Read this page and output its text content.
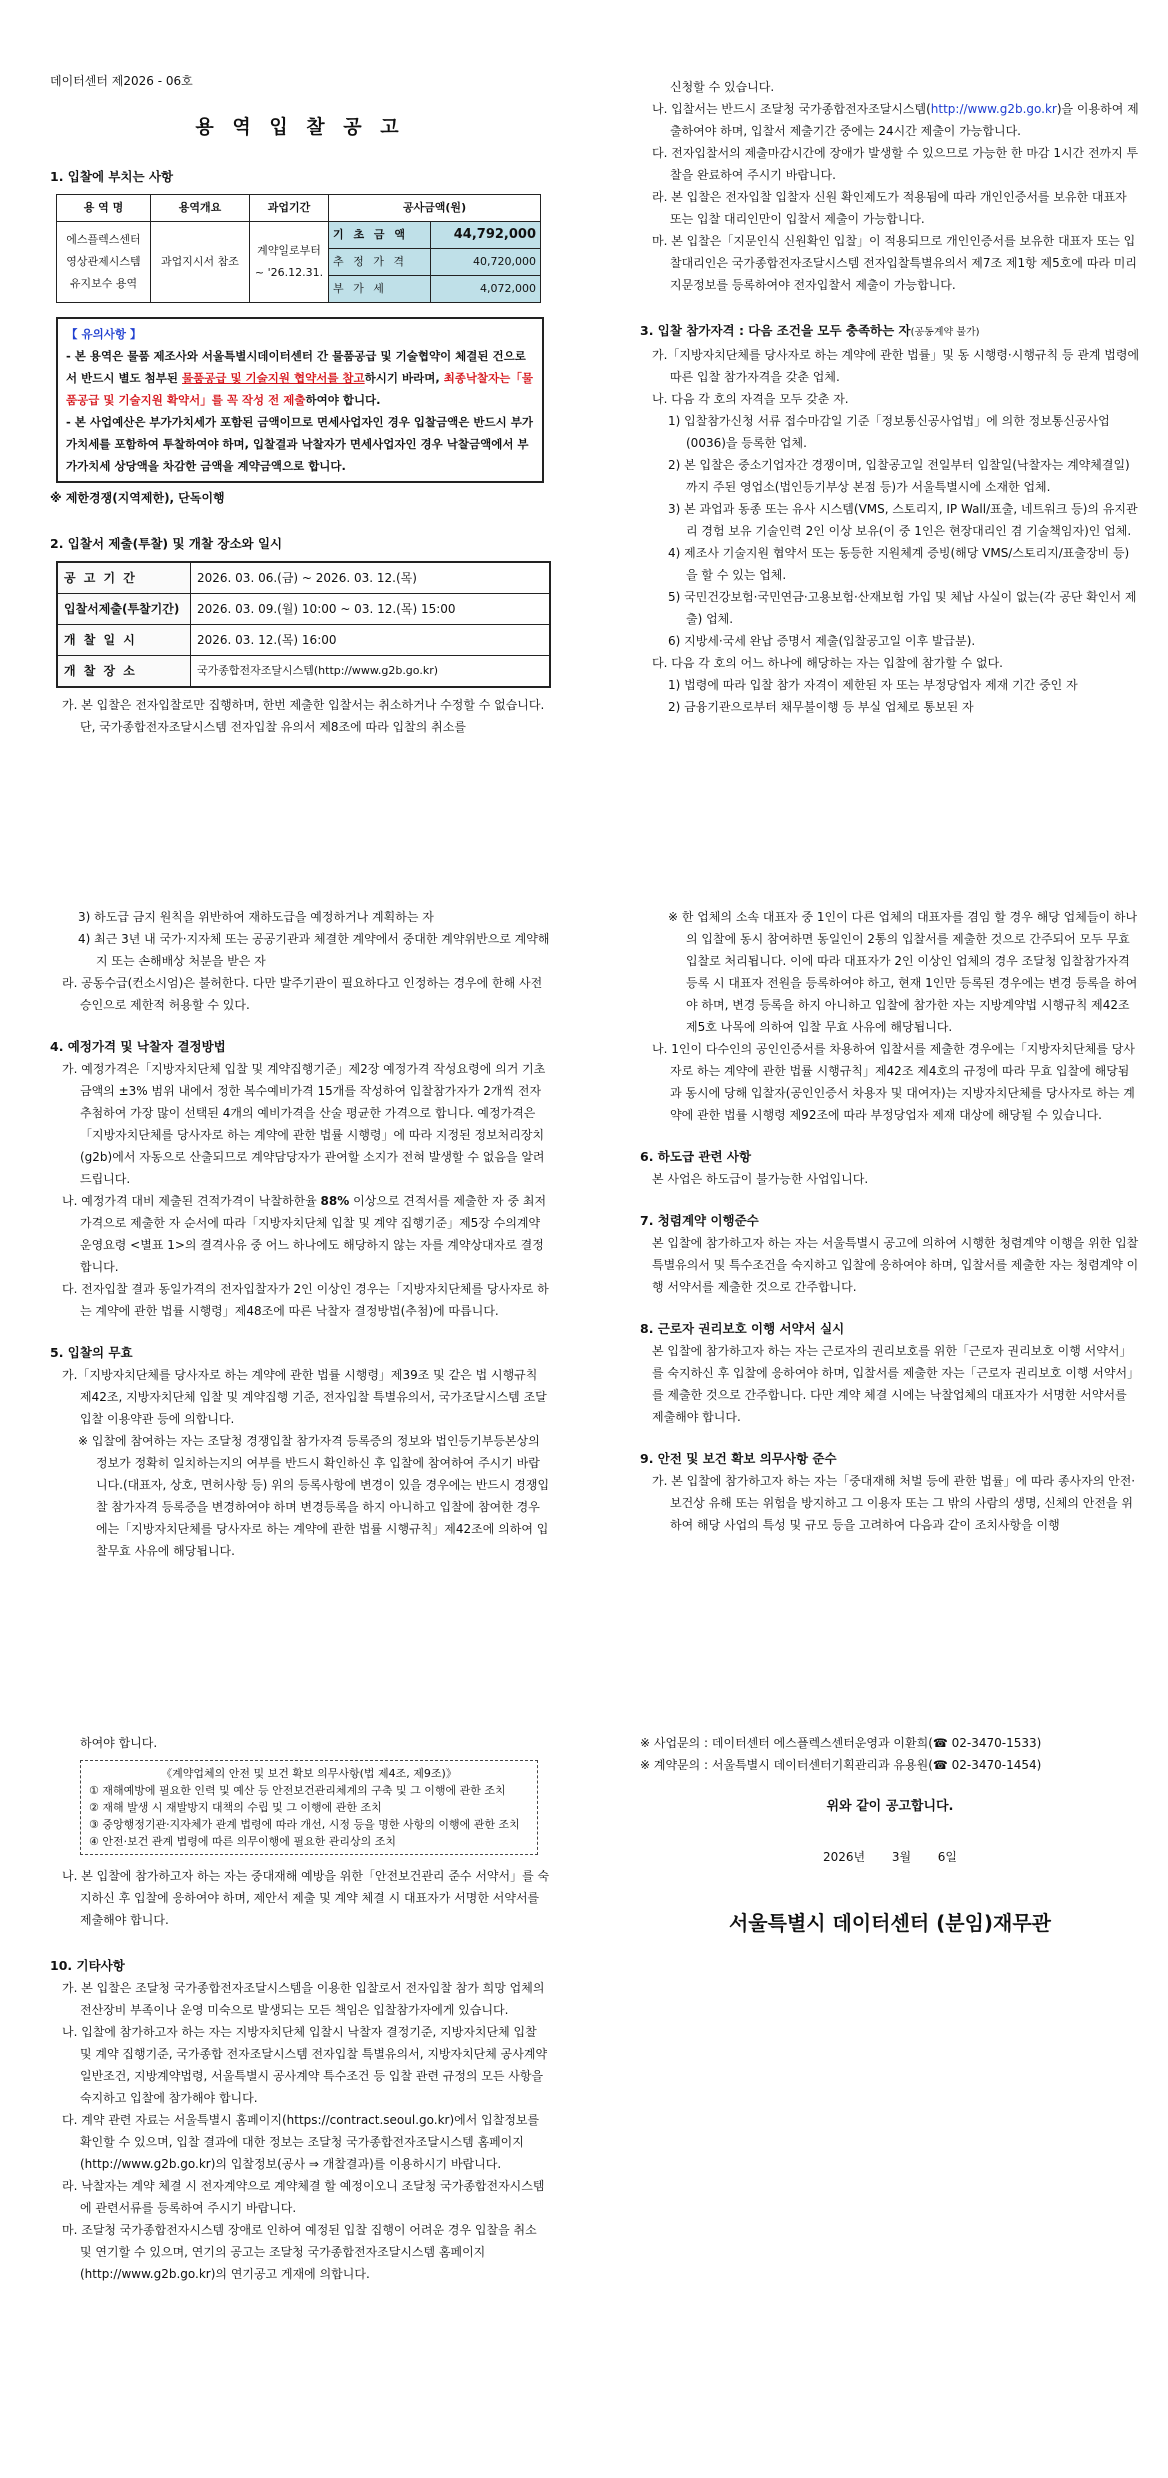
데이터센터 제2026 - 06호

용 역 입 찰 공 고

1. 입찰에 부치는 사항

용 역 명	용역개요	과업기간	공사금액(원)	
에스플렉스센터 영상관제시스템 유지보수 용역	과업지시서 참조	계약일로부터~ '26.12.31.	기 초 금 액	44,792,000
			추 정 가 격	40,720,000
			부 가 세	4,072,000

【 유의사항 】

- 본 용역은 물품 제조사와 서울특별시데이터센터 간 물품공급 및 기술협약이 체결된 건으로서 반드시 별도 첨부된 물품공급 및 기술지원 협약서를 참고하시기 바라며, 최종낙찰자는「물품공급 및 기술지원 확약서」를 꼭 작성 전 제출하여야 합니다.

- 본 사업예산은 부가가치세가 포함된 금액이므로 면세사업자인 경우 입찰금액은 반드시 부가가치세를 포함하여 투찰하여야 하며, 입찰결과 낙찰자가 면세사업자인 경우 낙찰금액에서 부가가치세 상당액을 차감한 금액을 계약금액으로 합니다.

※ 제한경쟁(지역제한), 단독이행

2. 입찰서 제출(투찰) 및 개찰 장소와 일시

공 고 기 간	2026. 03. 06.(금) ~ 2026. 03. 12.(목)
입찰서제출(투찰기간)	2026. 03. 09.(월) 10:00 ~ 03. 12.(목) 15:00
개 찰 일 시	2026. 03. 12.(목) 16:00
개 찰 장 소	국가종합전자조달시스템(http://www.g2b.go.kr)

가. 본 입찰은 전자입찰로만 집행하며, 한번 제출한 입찰서는 취소하거나 수정할 수 없습니다. 단, 국가종합전자조달시스템 전자입찰 유의서 제8조에 따라 입찰의 취소를

신청할 수 있습니다.

나. 입찰서는 반드시 조달청 국가종합전자조달시스템(http://www.g2b.go.kr)을 이용하여 제출하여야 하며, 입찰서 제출기간 중에는 24시간 제출이 가능합니다.

다. 전자입찰서의 제출마감시간에 장애가 발생할 수 있으므로 가능한 한 마감 1시간 전까지 투찰을 완료하여 주시기 바랍니다.

라. 본 입찰은 전자입찰 입찰자 신원 확인제도가 적용됨에 따라 개인인증서를 보유한 대표자 또는 입찰 대리인만이 입찰서 제출이 가능합니다.

마. 본 입찰은「지문인식 신원확인 입찰」이 적용되므로 개인인증서를 보유한 대표자 또는 입찰대리인은 국가종합전자조달시스템 전자입찰특별유의서 제7조 제1항 제5호에 따라 미리 지문정보를 등록하여야 전자입찰서 제출이 가능합니다.

3. 입찰 참가자격 : 다음 조건을 모두 충족하는 자(공동계약 불가)

가.「지방자치단체를 당사자로 하는 계약에 관한 법률」및 동 시행령·시행규칙 등 관계 법령에 따른 입찰 참가자격을 갖춘 업체.

나. 다음 각 호의 자격을 모두 갖춘 자.

1) 입찰참가신청 서류 접수마감일 기준「정보통신공사업법」에 의한 정보통신공사업(0036)을 등록한 업체.

2) 본 입찰은 중소기업자간 경쟁이며, 입찰공고일 전일부터 입찰일(낙찰자는 계약체결일)까지 주된 영업소(법인등기부상 본점 등)가 서울특별시에 소재한 업체.

3) 본 과업과 동종 또는 유사 시스템(VMS, 스토리지, IP Wall/표출, 네트워크 등)의 유지관리 경험 보유 기술인력 2인 이상 보유(이 중 1인은 현장대리인 겸 기술책임자)인 업체.

4) 제조사 기술지원 협약서 또는 동등한 지원체계 증빙(해당 VMS/스토리지/표출장비 등)을 할 수 있는 업체.

5) 국민건강보험·국민연금·고용보험·산재보험 가입 및 체납 사실이 없는(각 공단 확인서 제출) 업체.

6) 지방세·국세 완납 증명서 제출(입찰공고일 이후 발급분).

다. 다음 각 호의 어느 하나에 해당하는 자는 입찰에 참가할 수 없다.

1) 법령에 따라 입찰 참가 자격이 제한된 자 또는 부정당업자 제재 기간 중인 자

2) 금융기관으로부터 채무불이행 등 부실 업체로 통보된 자

3) 하도급 금지 원칙을 위반하여 재하도급을 예정하거나 계획하는 자

4) 최근 3년 내 국가·지자체 또는 공공기관과 체결한 계약에서 중대한 계약위반으로 계약해지 또는 손해배상 처분을 받은 자

라. 공동수급(컨소시엄)은 불허한다. 다만 발주기관이 필요하다고 인정하는 경우에 한해 사전 승인으로 제한적 허용할 수 있다.

4. 예정가격 및 낙찰자 결정방법

가. 예정가격은「지방자치단체 입찰 및 계약집행기준」제2장 예정가격 작성요령에 의거 기초금액의 ±3% 범위 내에서 정한 복수예비가격 15개를 작성하여 입찰참가자가 2개씩 전자 추첨하여 가장 많이 선택된 4개의 예비가격을 산술 평균한 가격으로 합니다. 예정가격은「지방자치단체를 당사자로 하는 계약에 관한 법률 시행령」에 따라 지정된 정보처리장치(g2b)에서 자동으로 산출되므로 계약담당자가 관여할 소지가 전혀 발생할 수 없음을 알려드립니다.

나. 예정가격 대비 제출된 견적가격이 낙찰하한율 88% 이상으로 견적서를 제출한 자 중 최저가격으로 제출한 자 순서에 따라「지방자치단체 입찰 및 계약 집행기준」제5장 수의계약 운영요령 <별표 1>의 결격사유 중 어느 하나에도 해당하지 않는 자를 계약상대자로 결정합니다.

다. 전자입찰 결과 동일가격의 전자입찰자가 2인 이상인 경우는「지방자치단체를 당사자로 하는 계약에 관한 법률 시행령」제48조에 따른 낙찰자 결정방법(추첨)에 따릅니다.

5. 입찰의 무효

가.「지방자치단체를 당사자로 하는 계약에 관한 법률 시행령」제39조 및 같은 법 시행규칙 제42조, 지방자치단체 입찰 및 계약집행 기준, 전자입찰 특별유의서, 국가조달시스템 조달입찰 이용약관 등에 의합니다.

※ 입찰에 참여하는 자는 조달청 경쟁입찰 참가자격 등록증의 정보와 법인등기부등본상의 정보가 정확히 일치하는지의 여부를 반드시 확인하신 후 입찰에 참여하여 주시기 바랍니다.(대표자, 상호, 면허사항 등) 위의 등록사항에 변경이 있을 경우에는 반드시 경쟁입찰 참가자격 등록증을 변경하여야 하며 변경등록을 하지 아니하고 입찰에 참여한 경우에는「지방자치단체를 당사자로 하는 계약에 관한 법률 시행규칙」제42조에 의하여 입찰무효 사유에 해당됩니다.

※ 한 업체의 소속 대표자 중 1인이 다른 업체의 대표자를 겸임 할 경우 해당 업체들이 하나의 입찰에 동시 참여하면 동일인이 2통의 입찰서를 제출한 것으로 간주되어 모두 무효 입찰로 처리됩니다. 이에 따라 대표자가 2인 이상인 업체의 경우 조달청 입찰참가자격 등록 시 대표자 전원을 등록하여야 하고, 현재 1인만 등록된 경우에는 변경 등록을 하여야 하며, 변경 등록을 하지 아니하고 입찰에 참가한 자는 지방계약법 시행규칙 제42조 제5호 나목에 의하여 입찰 무효 사유에 해당됩니다.

나. 1인이 다수인의 공인인증서를 차용하여 입찰서를 제출한 경우에는「지방자치단체를 당사자로 하는 계약에 관한 법률 시행규칙」제42조 제4호의 규정에 따라 무효 입찰에 해당됨과 동시에 당해 입찰자(공인인증서 차용자 및 대여자)는 지방자치단체를 당사자로 하는 계약에 관한 법률 시행령 제92조에 따라 부정당업자 제재 대상에 해당될 수 있습니다.

6. 하도급 관련 사항

본 사업은 하도급이 불가능한 사업입니다.

7. 청렴계약 이행준수

본 입찰에 참가하고자 하는 자는 서울특별시 공고에 의하여 시행한 청렴계약 이행을 위한 입찰 특별유의서 및 특수조건을 숙지하고 입찰에 응하여야 하며, 입찰서를 제출한 자는 청렴계약 이행 서약서를 제출한 것으로 간주합니다.

8. 근로자 권리보호 이행 서약서 실시

본 입찰에 참가하고자 하는 자는 근로자의 권리보호를 위한「근로자 권리보호 이행 서약서」를 숙지하신 후 입찰에 응하여야 하며, 입찰서를 제출한 자는「근로자 권리보호 이행 서약서」를 제출한 것으로 간주합니다. 다만 계약 체결 시에는 낙찰업체의 대표자가 서명한 서약서를 제출해야 합니다.

9. 안전 및 보건 확보 의무사항 준수

가. 본 입찰에 참가하고자 하는 자는「중대재해 처벌 등에 관한 법률」에 따라 종사자의 안전·보건상 유해 또는 위험을 방지하고 그 이용자 또는 그 밖의 사람의 생명, 신체의 안전을 위하여 해당 사업의 특성 및 규모 등을 고려하여 다음과 같이 조치사항을 이행

하여야 합니다.

《계약업체의 안전 및 보건 확보 의무사항(법 제4조, 제9조)》

① 재해예방에 필요한 인력 및 예산 등 안전보건관리체계의 구축 및 그 이행에 관한 조치

② 재해 발생 시 재발방지 대책의 수립 및 그 이행에 관한 조치

③ 중앙행정기관·지자체가 관계 법령에 따라 개선, 시정 등을 명한 사항의 이행에 관한 조치

④ 안전·보건 관계 법령에 따른 의무이행에 필요한 관리상의 조치

나. 본 입찰에 참가하고자 하는 자는 중대재해 예방을 위한「안전보건관리 준수 서약서」를 숙지하신 후 입찰에 응하여야 하며, 제안서 제출 및 계약 체결 시 대표자가 서명한 서약서를 제출해야 합니다.

10. 기타사항

가. 본 입찰은 조달청 국가종합전자조달시스템을 이용한 입찰로서 전자입찰 참가 희망 업체의 전산장비 부족이나 운영 미숙으로 발생되는 모든 책임은 입찰참가자에게 있습니다.

나. 입찰에 참가하고자 하는 자는 지방자치단체 입찰시 낙찰자 결정기준, 지방자치단체 입찰 및 계약 집행기준, 국가종합 전자조달시스템 전자입찰 특별유의서, 지방자치단체 공사계약 일반조건, 지방계약법령, 서울특별시 공사계약 특수조건 등 입찰 관련 규정의 모든 사항을 숙지하고 입찰에 참가해야 합니다.

다. 계약 관련 자료는 서울특별시 홈페이지(https://contract.seoul.go.kr)에서 입찰정보를 확인할 수 있으며, 입찰 결과에 대한 정보는 조달청 국가종합전자조달시스템 홈페이지(http://www.g2b.go.kr)의 입찰정보(공사 ⇒ 개찰결과)를 이용하시기 바랍니다.

라. 낙찰자는 계약 체결 시 전자계약으로 계약체결 할 예정이오니 조달청 국가종합전자시스템에 관련서류를 등록하여 주시기 바랍니다.

마. 조달청 국가종합전자시스템 장애로 인하여 예정된 입찰 집행이 어려운 경우 입찰을 취소 및 연기할 수 있으며, 연기의 공고는 조달청 국가종합전자조달시스템 홈페이지(http://www.g2b.go.kr)의 연기공고 게재에 의합니다.

※ 사업문의 : 데이터센터 에스플렉스센터운영과 이환희(☎ 02-3470-1533)

※ 계약문의 : 서울특별시 데이터센터기획관리과 유용원(☎ 02-3470-1454)

위와 같이 공고합니다.

2026년 3월 6일

서울특별시 데이터센터 (분임)재무관
